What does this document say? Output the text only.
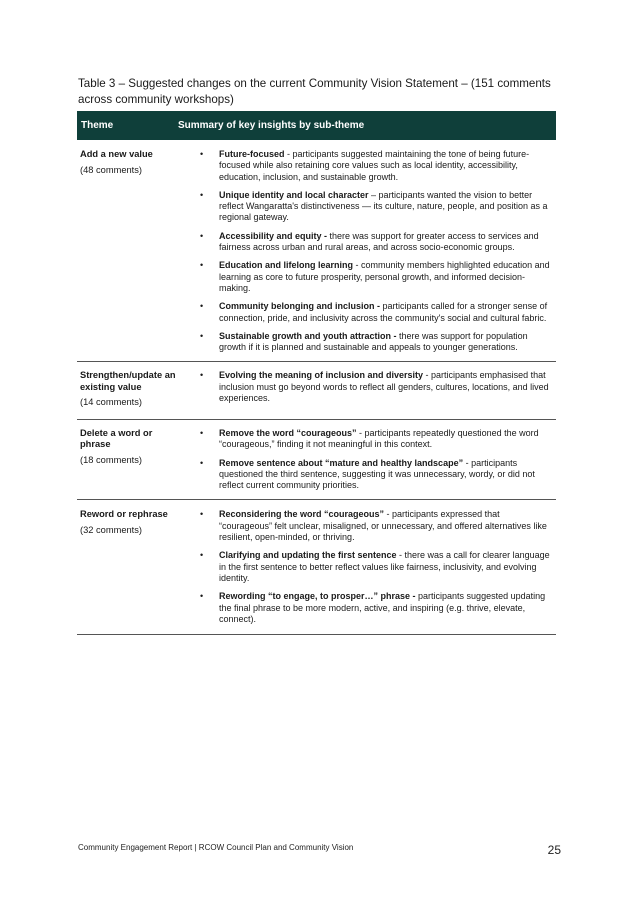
Table 3 – Suggested changes on the current Community Vision Statement – (151 comments across community workshops)
Theme	Summary of key insights by sub-theme
Add a new value
(48 comments)
•	Future-focused - participants suggested maintaining the tone of being future-focused while also retaining core values such as local identity, accessibility, education, inclusion, and sustainable growth.
•	Unique identity and local character – participants wanted the vision to better reflect Wangaratta's distinctiveness — its culture, nature, people, and position as a regional gateway.
•	Accessibility and equity - there was support for greater access to services and fairness across urban and rural areas, and across socio-economic groups.
•	Education and lifelong learning - community members highlighted education and learning as core to future prosperity, personal growth, and informed decision-making.
•	Community belonging and inclusion - participants called for a stronger sense of connection, pride, and inclusivity across the community's social and cultural fabric.
•	Sustainable growth and youth attraction - there was support for population growth if it is planned and sustainable and appeals to younger generations.
Strengthen/update an existing value
(14 comments)
•	Evolving the meaning of inclusion and diversity - participants emphasised that inclusion must go beyond words to reflect all genders, cultures, locations, and lived experiences.
Delete a word or phrase
(18 comments)
•	Remove the word “courageous” - participants repeatedly questioned the word “courageous,” finding it not meaningful in this context.
•	Remove sentence about “mature and healthy landscape” - participants questioned the third sentence, suggesting it was unnecessary, wordy, or did not reflect current community priorities.
Reword or rephrase
(32 comments)
•	Reconsidering the word “courageous” - participants expressed that “courageous” felt unclear, misaligned, or unnecessary, and offered alternatives like resilient, open-minded, or thriving.
•	Clarifying and updating the first sentence - there was a call for clearer language in the first sentence to better reflect values like fairness, inclusivity, and evolving identity.
•	Rewording “to engage, to prosper…” phrase - participants suggested updating the final phrase to be more modern, active, and inspiring (e.g. thrive, elevate, connect).
Community Engagement Report | RCOW Council Plan and Community Vision	25
